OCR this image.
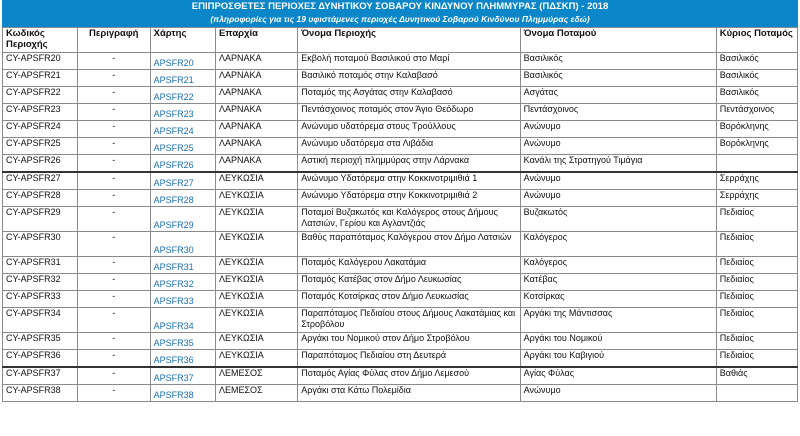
ΕΠΙΠΡΟΣΘΕΤΕΣ ΠΕΡΙΟΧΕΣ ΔΥΝΗΤΙΚΟΥ ΣΟΒΑΡΟΥ ΚΙΝΔΥΝΟΥ ΠΛΗΜΜΥΡΑΣ (ΠΔΣΚΠ) - 2018
(πληροφορίες για τις 19 υφιστάμενες περιοχές Δυνητικού Σοβαρού Κινδύνου Πλημμύρας εδώ)
Κωδικός Περιοχής	Περιγραφή	Χάρτης	Επαρχία	Όνομα Περιοχής	Όνομα Ποταμού	Κύριος Ποταμός
CY-APSFR20	-	APSFR20	ΛΑΡΝΑΚΑ	Εκβολή ποταμού Βασιλικού στο Μαρί	Βασιλικός	Βασιλικός
CY-APSFR21	-	APSFR21	ΛΑΡΝΑΚΑ	Βασιλικό ποταμός στην Καλαβασό	Βασιλικός	Βασιλικός
CY-APSFR22	-	APSFR22	ΛΑΡΝΑΚΑ	Ποταμός της Ασγάτας στην Καλαβασό	Ασγάτας	Βασιλικός
CY-APSFR23	-	APSFR23	ΛΑΡΝΑΚΑ	Πεντάσχοινος ποταμός στον Άγιο Θεόδωρο	Πεντάσχοινος	Πεντάσχοινος
CY-APSFR24	-	APSFR24	ΛΑΡΝΑΚΑ	Ανώνυμο υδατόρεμα στους Τρούλλους	Ανώνυμο	Βορόκληνης
CY-APSFR25	-	APSFR25	ΛΑΡΝΑΚΑ	Ανώνυμο υδατόρεμα στα Λιβάδια	Ανώνυμο	Βορόκληνης
CY-APSFR26	-	APSFR26	ΛΑΡΝΑΚΑ	Αστική περιοχή πλημμύρας στην Λάρνακα	Κανάλι της Στρατηγού Τιμάγια	
CY-APSFR27	-	APSFR27	ΛΕΥΚΩΣΙΑ	Ανώνυμο Υδατόρεμα στην Κοκκινοτριμιθιά 1	Ανώνυμο	Σερράχης
CY-APSFR28	-	APSFR28	ΛΕΥΚΩΣΙΑ	Ανώνυμο Υδατόρεμα στην Κοκκινοτριμιθιά 2	Ανώνυμο	Σερράχης
CY-APSFR29	-	APSFR29	ΛΕΥΚΩΣΙΑ	Ποταμοί Βυζακωτός και Καλόγερος στους Δήμους Λατσιών, Γερίου και Αγλαντζιάς	Βυζακωτός	Πεδιαίος
CY-APSFR30	-	APSFR30	ΛΕΥΚΩΣΙΑ	Βαθύς παραπόταμος Καλόγερου στον Δήμο Λατσιών	Καλόγερος	Πεδιαίος
CY-APSFR31	-	APSFR31	ΛΕΥΚΩΣΙΑ	Ποταμός Καλόγερου Λακατάμια	Καλόγερος	Πεδιαίος
CY-APSFR32	-	APSFR32	ΛΕΥΚΩΣΙΑ	Ποταμός Κατέβας στον Δήμο Λευκωσίας	Κατέβας	Πεδιαίος
CY-APSFR33	-	APSFR33	ΛΕΥΚΩΣΙΑ	Ποταμός Κοτσίρκας στον Δήμο Λευκωσίας	Κοτσίρκας	Πεδιαίος
CY-APSFR34	-	APSFR34	ΛΕΥΚΩΣΙΑ	Παραπόταμος Πεδιαίου στους Δήμους Λακατάμιας και Στροβόλου	Αργάκι της Μάντισσας	Πεδιαίος
CY-APSFR35	-	APSFR35	ΛΕΥΚΩΣΙΑ	Αργάκι του Νομικού στον Δήμο Στροβόλου	Αργάκι του Νομικού	Πεδιαίος
CY-APSFR36	-	APSFR36	ΛΕΥΚΩΣΙΑ	Παραπόταμος Πεδιαίου στη Δευτερά	Αργάκι του Καβιγιού	Πεδιαίος
CY-APSFR37	-	APSFR37	ΛΕΜΕΣΟΣ	Ποταμός Αγίας Φύλας στον Δήμο Λεμεσού	Αγίας Φύλας	Βαθιάς
CY-APSFR38	-	APSFR38	ΛΕΜΕΣΟΣ	Αργάκι στα Κάτω Πολεμίδια	Ανώνυμο	
